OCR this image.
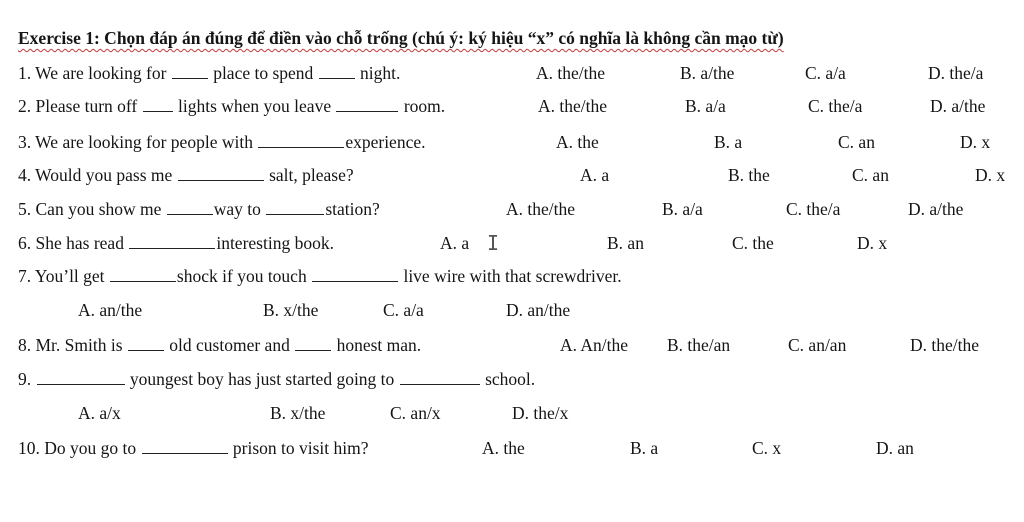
Exercise 1: Chọn đáp án đúng để điền vào chỗ trống (chú ý: ký hiệu “x” có nghĩa là không cần mạo từ)
1. We are looking for  place to spend  night.	A. the/the	B. a/the	C. a/a	D. the/a
2. Please turn off  lights when you leave	room.	A. the/the	B. a/a	C. the/a	D. a/the
3. We are looking for people with	experience.	A. the	B. a	C. an	D. x
4. Would you pass me	salt, please?	A. a	B. the	C. an	D. x
5. Can you show me	way to	station?	A. the/the	B. a/a	C. the/a	D. a/the
6. She has read	interesting book.	A. a	B. an	C. the	D. x
I
7. You’ll get	shock if you touch	live wire with that screwdriver.
A. an/the	B. x/the	C. a/a	D. an/the
8. Mr. Smith is  old customer and  honest man.	A. An/the B. the/an	C. an/an	D. the/the
9.	youngest boy has just started going to	school.
A. a/x	B. x/the	C. an/x	D. the/x
10. Do you go to	prison to visit him?	A. the	B. a	C. x	D. an
